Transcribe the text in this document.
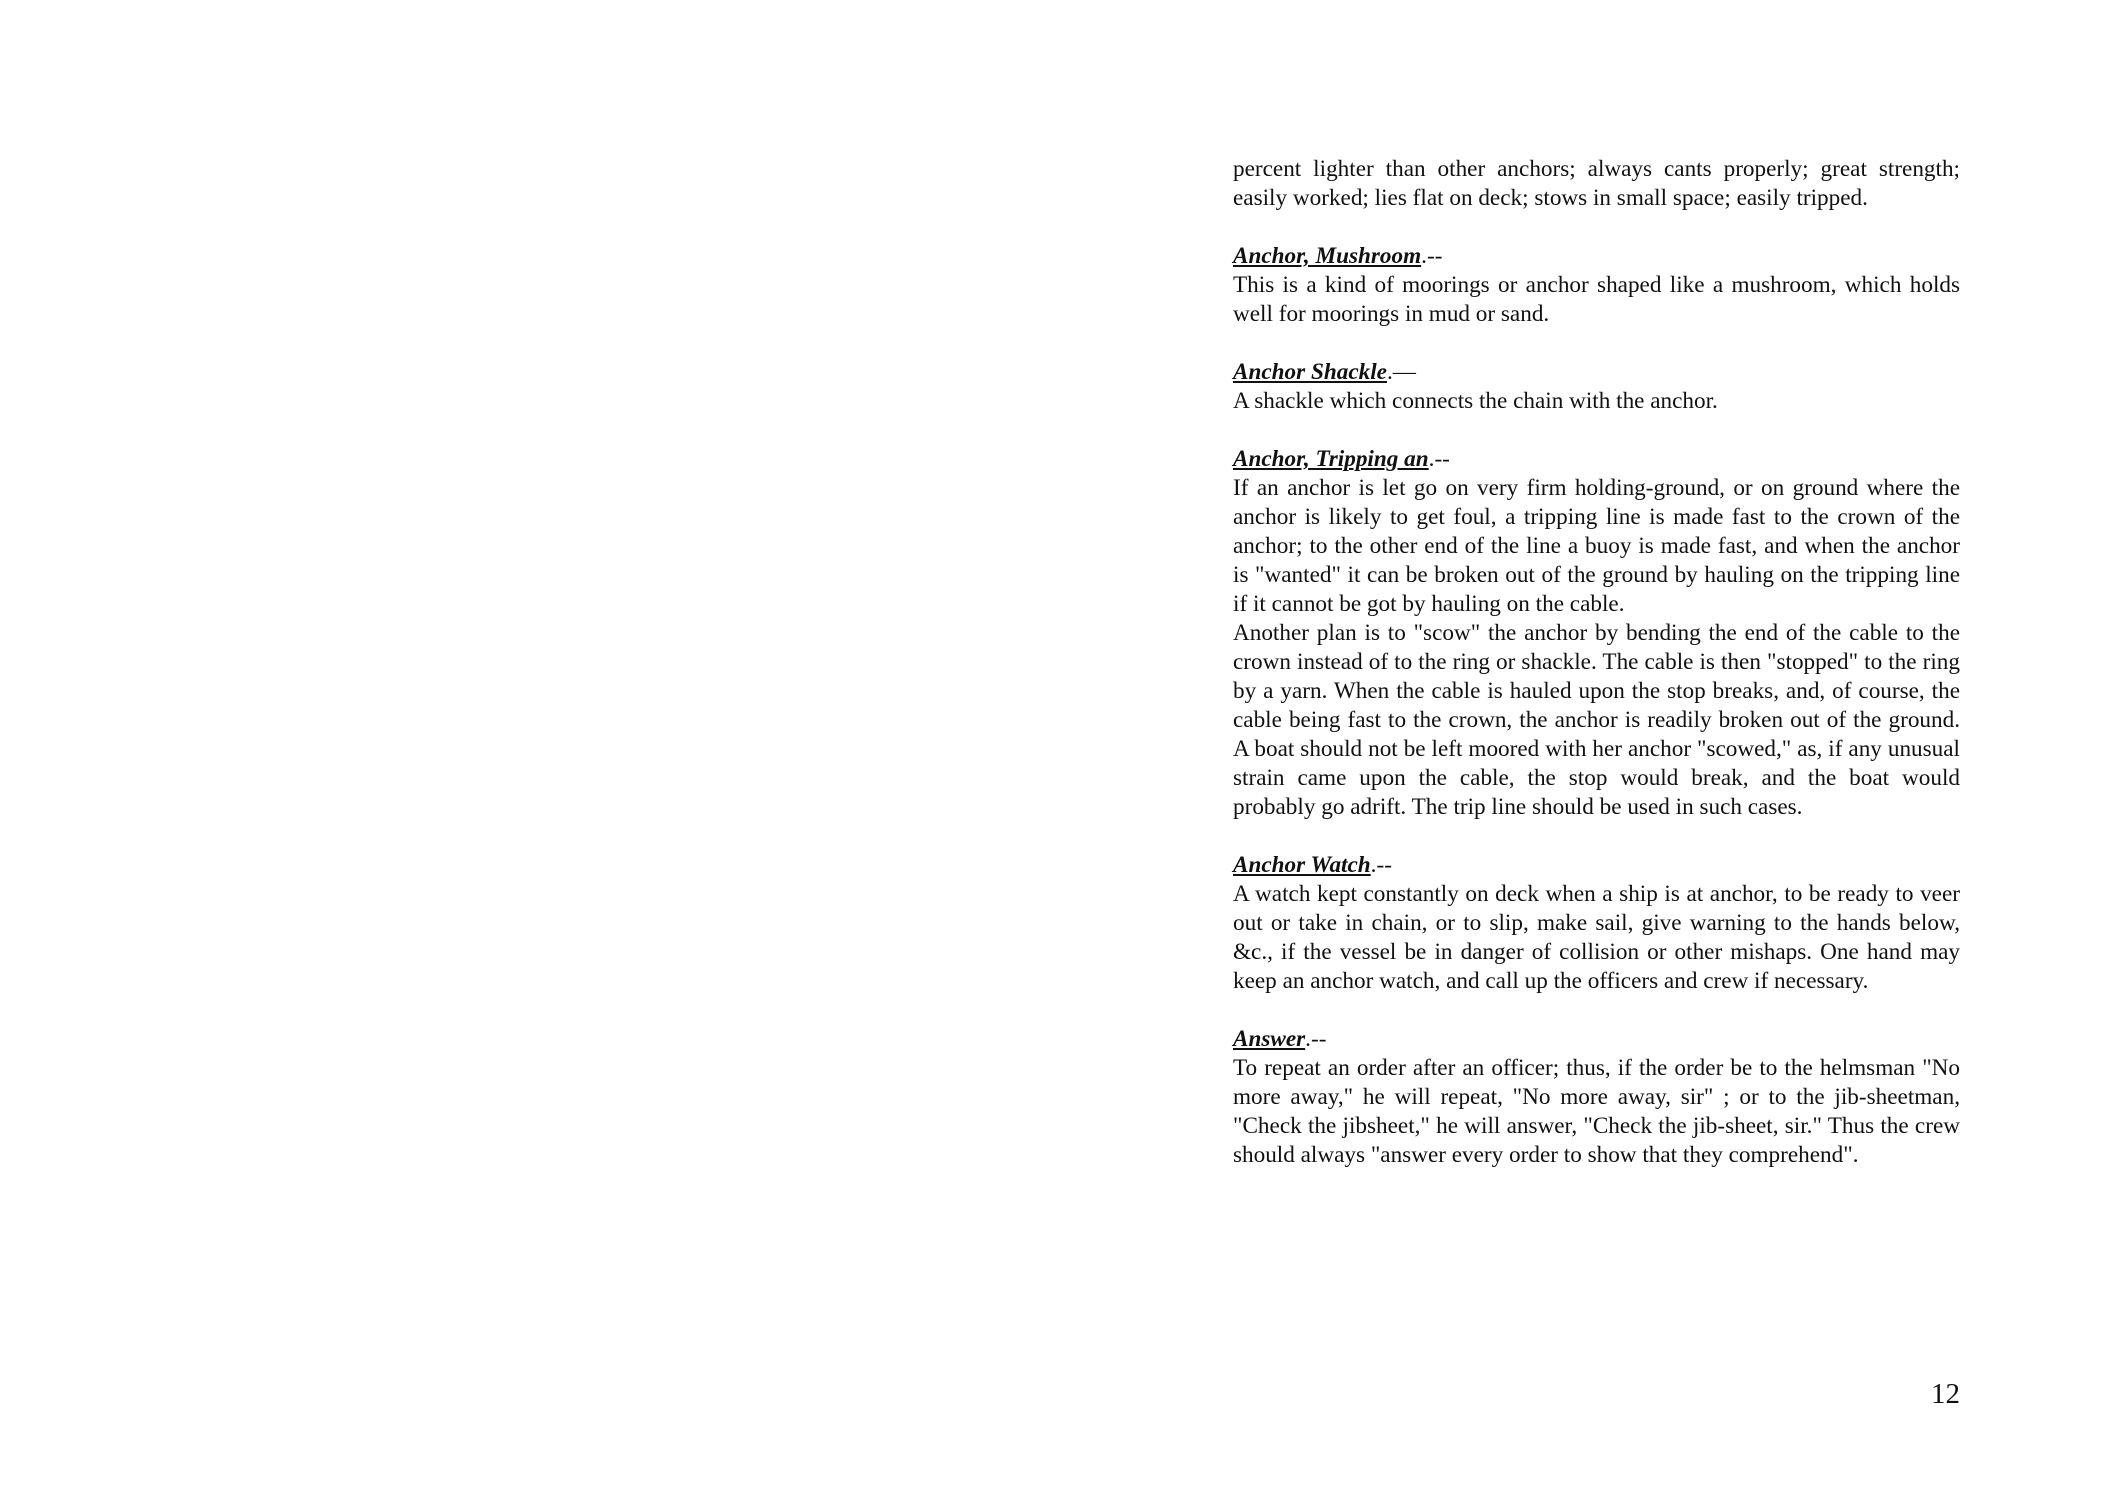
percent lighter than other anchors; always cants properly; great strength; easily worked; lies flat on deck; stows in small space; easily tripped.

Anchor, Mushroom.--

This is a kind of moorings or anchor shaped like a mushroom, which holds well for moorings in mud or sand.

Anchor Shackle.—

A shackle which connects the chain with the anchor.

Anchor, Tripping an.--

If an anchor is let go on very firm holding-ground, or on ground where the anchor is likely to get foul, a tripping line is made fast to the crown of the anchor; to the other end of the line a buoy is made fast, and when the anchor is "wanted" it can be broken out of the ground by hauling on the tripping line if it cannot be got by hauling on the cable.

Another plan is to "scow" the anchor by bending the end of the cable to the crown instead of to the ring or shackle. The cable is then "stopped" to the ring by a yarn. When the cable is hauled upon the stop breaks, and, of course, the cable being fast to the crown, the anchor is readily broken out of the ground. A boat should not be left moored with her anchor "scowed," as, if any unusual strain came upon the cable, the stop would break, and the boat would probably go adrift. The trip line should be used in such cases.

Anchor Watch.--

A watch kept constantly on deck when a ship is at anchor, to be ready to veer out or take in chain, or to slip, make sail, give warning to the hands below, &c., if the vessel be in danger of collision or other mishaps. One hand may keep an anchor watch, and call up the officers and crew if necessary.

Answer.--

To repeat an order after an officer; thus, if the order be to the helmsman "No more away," he will repeat, "No more away, sir" ; or to the jib-sheetman, "Check the jibsheet," he will answer, "Check the jib-sheet, sir." Thus the crew should always "answer every order to show that they comprehend".

12
